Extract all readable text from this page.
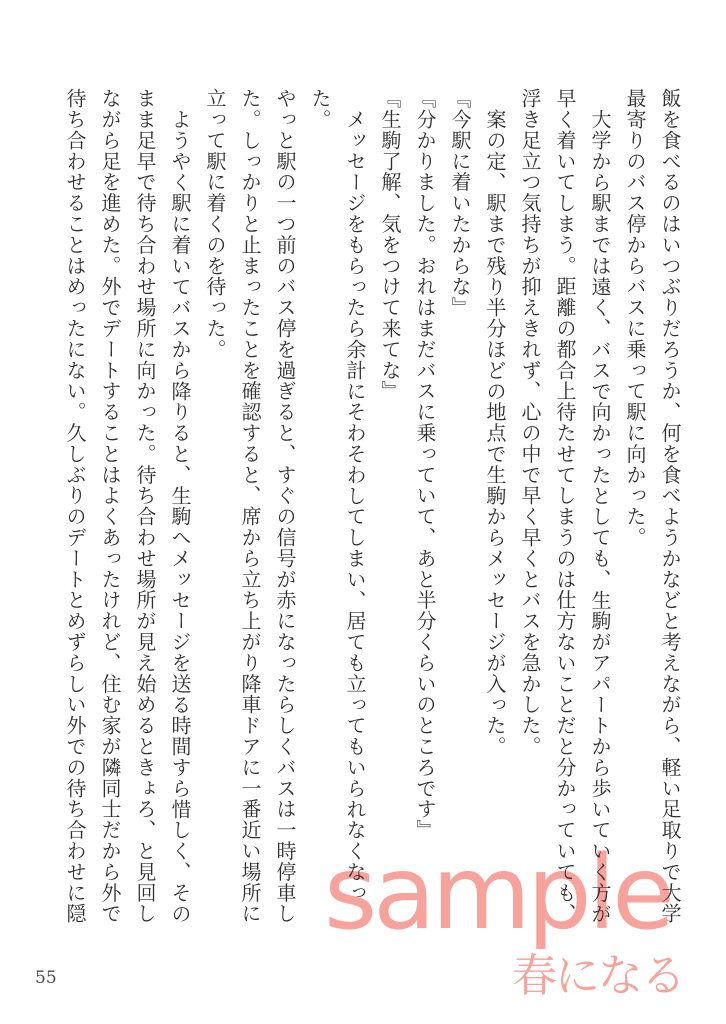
sample
春になる
飯を食べるのはいつぶりだろうか、何を食べようかなどと考えながら、軽い足取りで大学
最寄りのバス停からバスに乗って駅に向かった。
大学から駅までは遠く、バスで向かったとしても、生駒がアパートから歩いていく方が
早く着いてしまう。距離の都合上待たせてしまうのは仕方ないことだと分かっていても、
浮き足立つ気持ちが抑えきれず、心の中で早く早くとバスを急かした。
案の定、駅まで残り半分ほどの地点で生駒からメッセージが入った。
『今駅に着いたからな』
『分かりました。おれはまだバスに乗っていて、あと半分くらいのところです』
『生駒了解、気をつけて来てな』
メッセージをもらったら余計にそわそわしてしまい、居ても立ってもいられなくなった。
やっと駅の一つ前のバス停を過ぎると、すぐの信号が赤になったらしくバスは一時停車し
た。しっかりと止まったことを確認すると、席から立ち上がり降車ドアに一番近い場所に
立って駅に着くのを待った。
ようやく駅に着いてバスから降りると、生駒へメッセージを送る時間すら惜しく、その
まま足早で待ち合わせ場所に向かった。待ち合わせ場所が見え始めるときょろ、と見回し
ながら足を進めた。外でデートすることはよくあったけれど、住む家が隣同士だから外で
待ち合わせることはめったにない。久しぶりのデートとめずらしい外での待ち合わせに隠
55
